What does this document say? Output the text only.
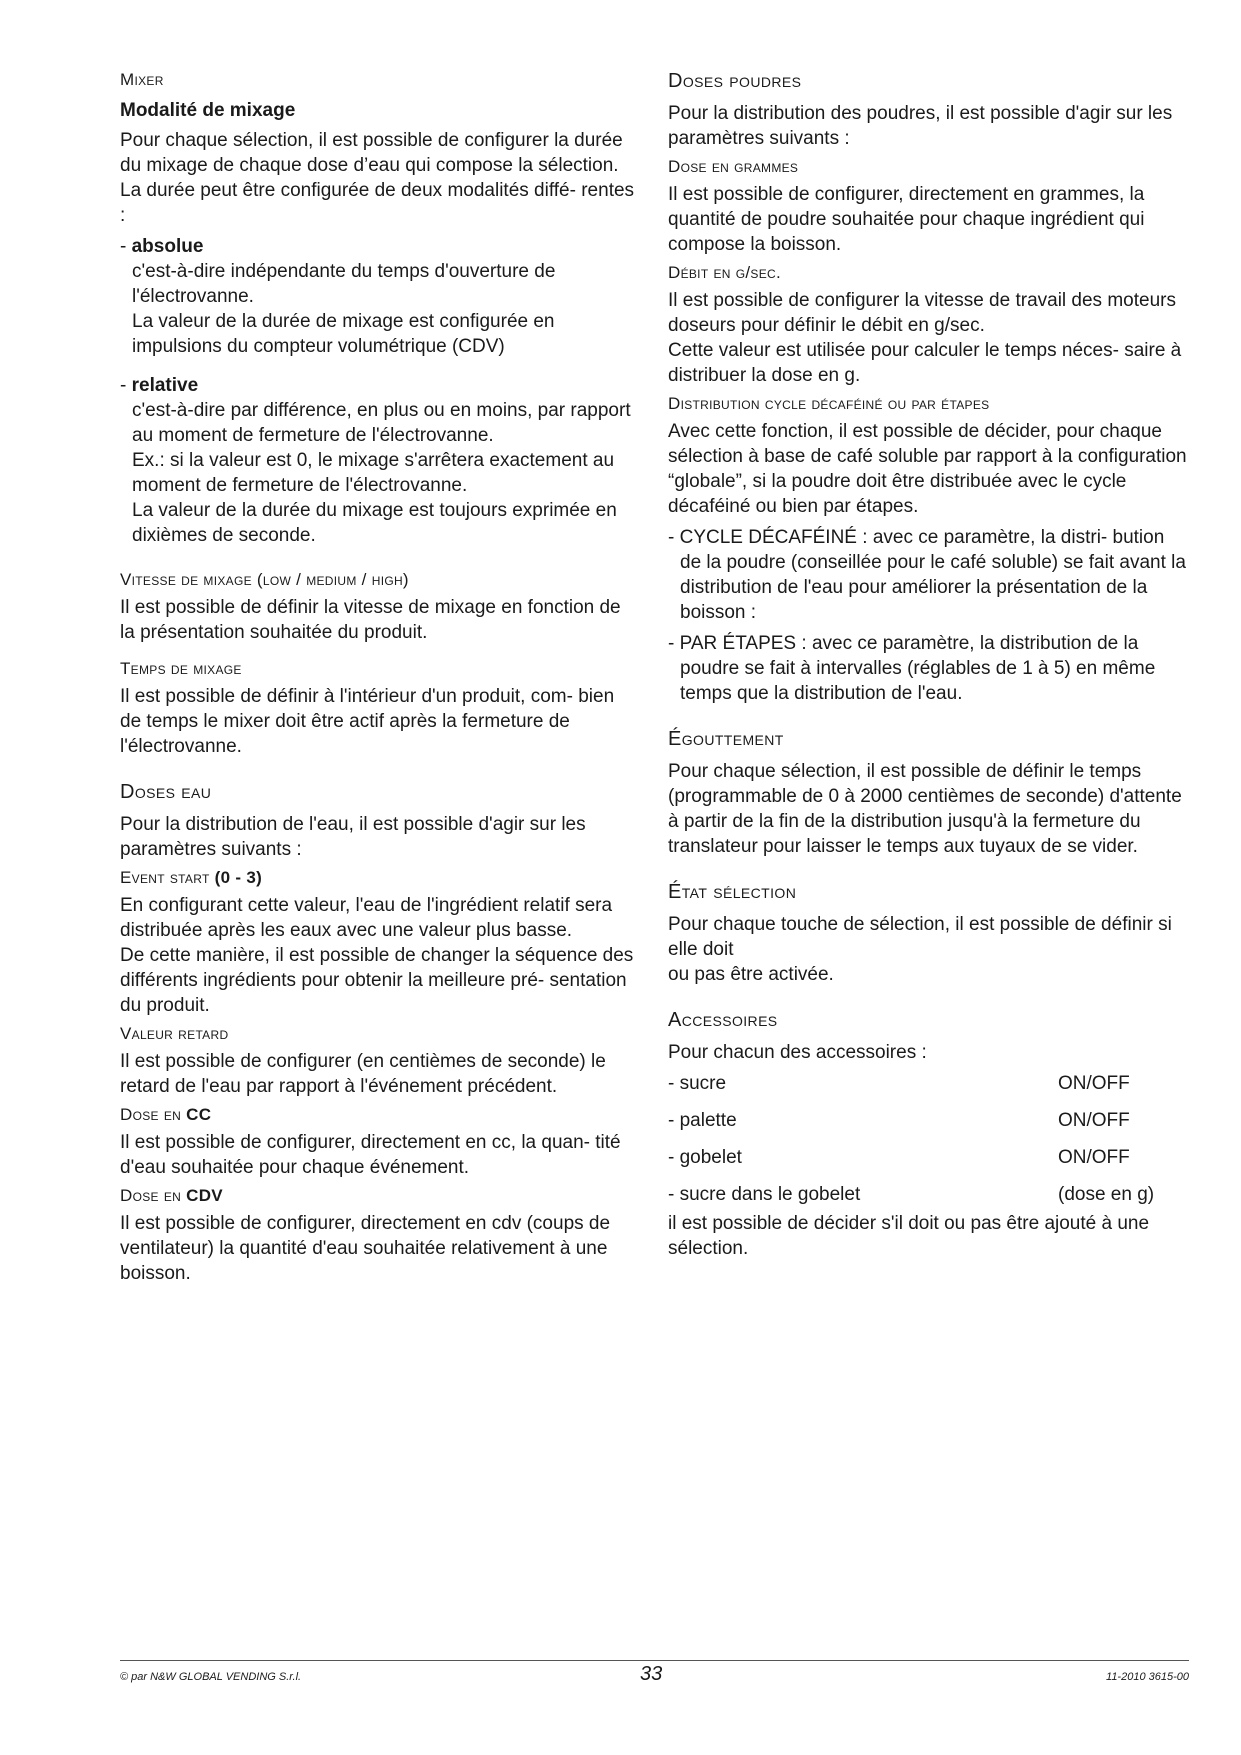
Mixer
Modalité de mixage

Pour chaque sélection, il est possible de configurer la durée du mixage de chaque dose d’eau qui compose la sélection.

La durée peut être configurée de deux modalités diffé- rentes :

- absolue

c'est-à-dire indépendante du temps d'ouverture de l'électrovanne.

La valeur de la durée de mixage est configurée en impulsions du compteur volumétrique (CDV)

- relative

c'est-à-dire par différence, en plus ou en moins, par rapport au moment de fermeture de l'électrovanne.

Ex.: si la valeur est 0, le mixage s'arrêtera exactement au moment de fermeture de l'électrovanne.

La valeur de la durée du mixage est toujours exprimée en dixièmes de seconde.

Vitesse de mixage (low / medium / high)

Il est possible de définir la vitesse de mixage en fonction de la présentation souhaitée du produit.

Temps de mixage

Il est possible de définir à l'intérieur d'un produit, com- bien de temps le mixer doit être actif après la fermeture de l'électrovanne.

Doses eau

Pour la distribution de l'eau, il est possible d'agir sur les paramètres suivants :

Event start (0 - 3)

En configurant cette valeur, l'eau de l'ingrédient relatif sera distribuée après les eaux avec une valeur plus basse.

De cette manière, il est possible de changer la séquence des différents ingrédients pour obtenir la meilleure pré- sentation du produit.

Valeur retard

Il est possible de configurer (en centièmes de seconde) le retard de l'eau par rapport à l'événement précédent.

Dose en CC

Il est possible de configurer, directement en cc, la quan- tité d'eau souhaitée pour chaque événement.

Dose en CDV

Il est possible de configurer, directement en cdv (coups de ventilateur) la quantité d'eau souhaitée relativement à une boisson.

Doses poudres

Pour la distribution des poudres, il est possible d'agir sur les paramètres suivants :

Dose en grammes

Il est possible de configurer, directement en grammes, la quantité de poudre souhaitée pour chaque ingrédient qui compose la boisson.

Débit en g/sec.

Il est possible de configurer la vitesse de travail des moteurs doseurs pour définir le débit en g/sec.

Cette valeur est utilisée pour calculer le temps néces- saire à distribuer la dose en g.

Distribution cycle décaféiné ou par étapes

Avec cette fonction, il est possible de décider, pour chaque sélection à base de café soluble par rapport à la configuration “globale”, si la poudre doit être distribuée avec le cycle décaféiné ou bien par étapes.

- CYCLE DÉCAFÉINÉ : avec ce paramètre, la distri- bution de la poudre (conseillée pour le café soluble) se fait avant la distribution de l'eau pour améliorer la présentation de la boisson :

- PAR ÉTAPES : avec ce paramètre, la distribution de la poudre se fait à intervalles (réglables de 1 à 5) en même temps que la distribution de l'eau.

Égouttement

Pour chaque sélection, il est possible de définir le temps (programmable de 0 à 2000 centièmes de seconde) d'attente à partir de la fin de la distribution jusqu'à la fermeture du translateur pour laisser le temps aux tuyaux de se vider.

État sélection

Pour chaque touche de sélection, il est possible de définir si elle doit

ou pas être activée.

Accessoires

Pour chacun des accessoires :

- sucre	ON/OFF
- palette	ON/OFF
- gobelet	ON/OFF
- sucre dans le gobelet	(dose en g)

il est possible de décider s'il doit ou pas être ajouté à une sélection.

© par N&W GLOBAL VENDING S.r.l.	33	11-2010 3615-00
